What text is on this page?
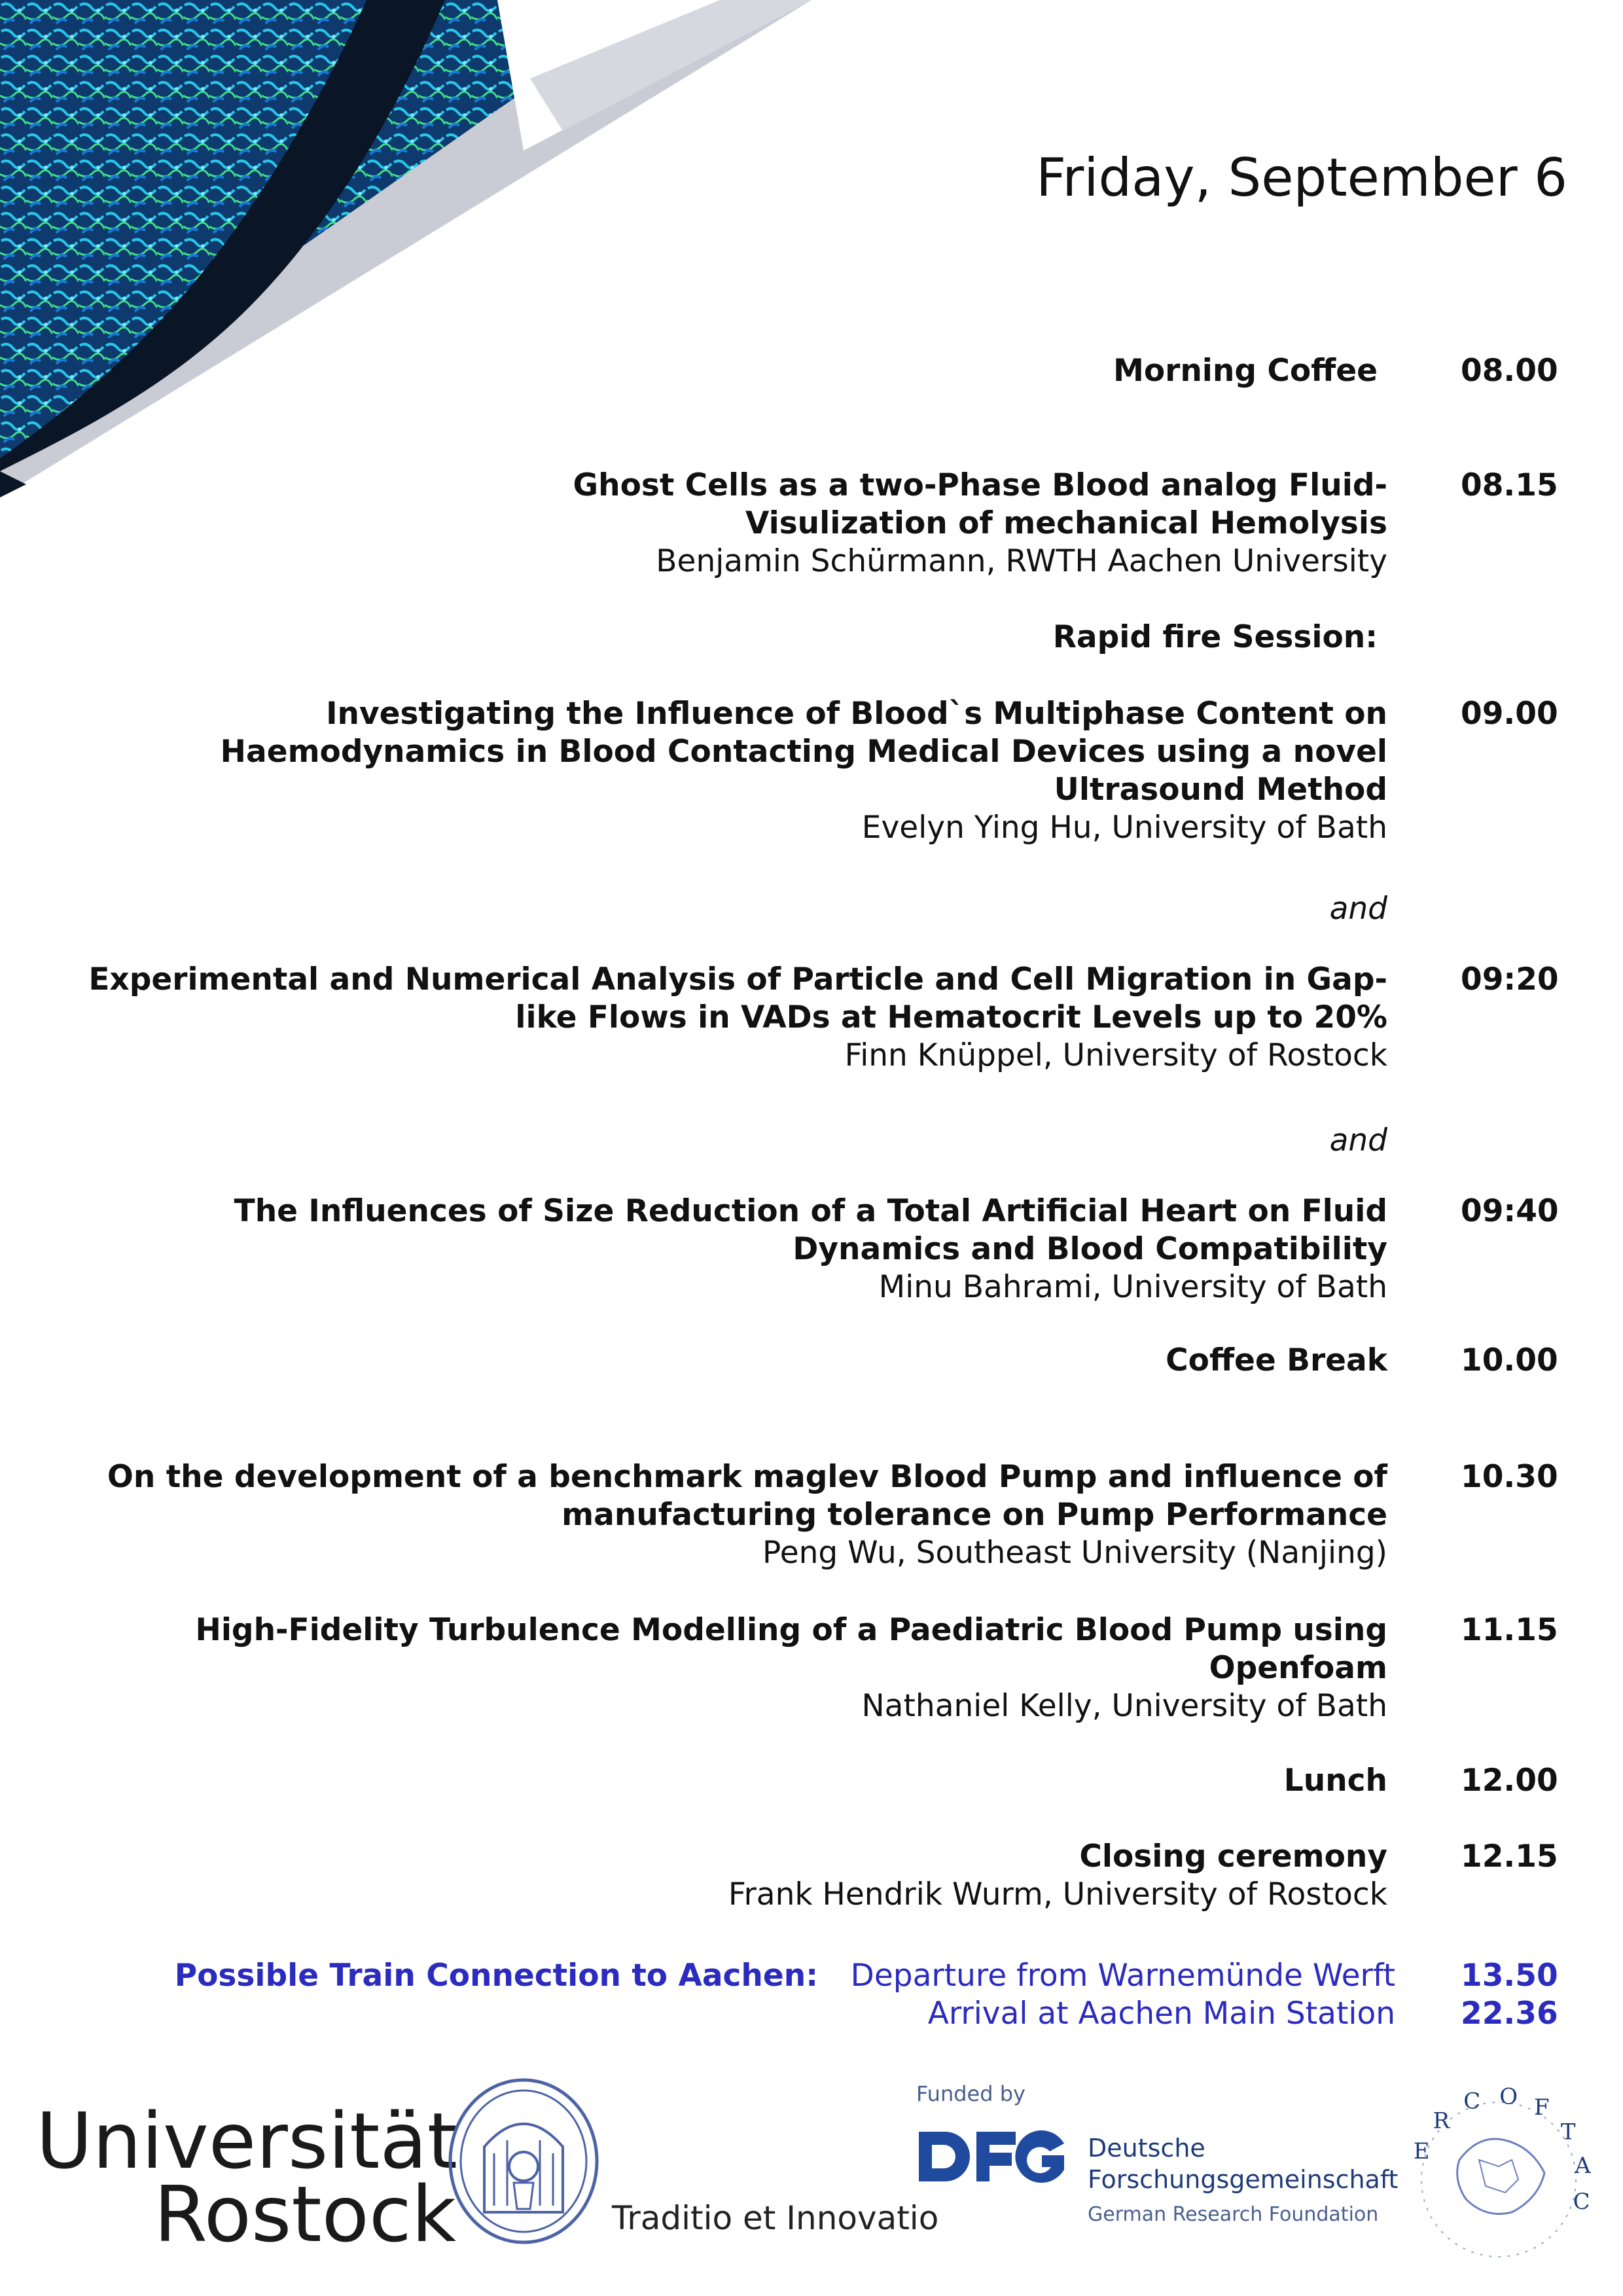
Friday, September 6
08.00
Morning Coffee
08.15
Ghost Cells as a two-Phase Blood analog Fluid-
Visulization of mechanical Hemolysis
Benjamin Schürmann, RWTH Aachen University
Rapid fire Session:
09.00
Investigating the Influence of Blood`s Multiphase Content on
Haemodynamics in Blood Contacting Medical Devices using a novel
Ultrasound Method
Evelyn Ying Hu, University of Bath
and
09:20
Experimental and Numerical Analysis of Particle and Cell Migration in Gap-
like Flows in VADs at Hematocrit Levels up to 20%
Finn Knüppel, University of Rostock
and
09:40
The Influences of Size Reduction of a Total Artificial Heart on Fluid
Dynamics and Blood Compatibility
Minu Bahrami, University of Bath
10.00
Coffee Break
10.30
On the development of a benchmark maglev Blood Pump and influence of
manufacturing tolerance on Pump Performance
Peng Wu, Southeast University (Nanjing)
11.15
High-Fidelity Turbulence Modelling of a Paediatric Blood Pump using
Openfoam
Nathaniel Kelly, University of Bath
12.00
Lunch
12.15
Closing ceremony
Frank Hendrik Wurm, University of Rostock
Possible Train Connection to Aachen: Departure from Warnemünde Werft
Arrival at Aachen Main Station
13.50
22.36
Universität
Rostock	Traditio et Innovatio
Funded by
Deutsche
Forschungsgemeinschaft
German Research Foundation
E
R
C O F
T
A
C
